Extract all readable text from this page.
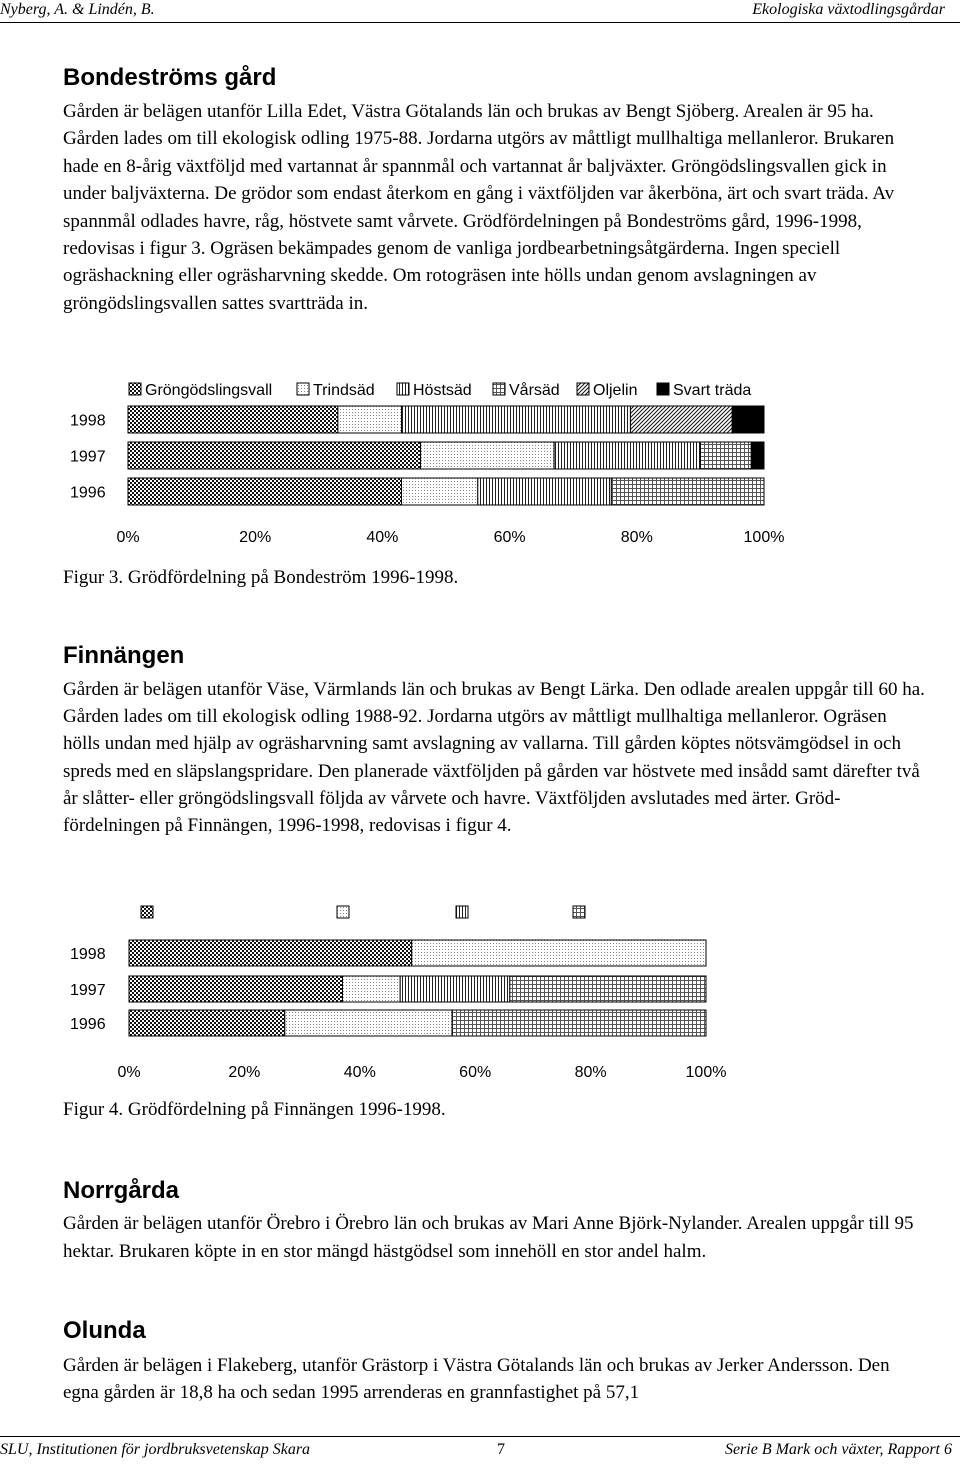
Nyberg, A. & Lindén, B.	Ekologiska växtodlingsgårdar
Bondeströms gård

Gården är belägen utanför Lilla Edet, Västra Götalands län och brukas av Bengt Sjöberg. Arealen är 95 ha. Gården lades om till ekologisk odling 1975-88. Jordarna utgörs av måttligt mullhaltiga mellanleror. Brukaren hade en 8-årig växtföljd med vartannat år spannmål och vartannat år baljväxter. Gröngödslingsvallen gick in under baljväxterna. De grödor som endast återkom en gång i växtföljden var åkerböna, ärt och svart träda. Av spannmål odlades havre, råg, höstvete samt vårvete. Grödfördelningen på Bondeströms gård, 1996-1998, redovisas i figur 3. Ogräsen bekämpades genom de vanliga jordbearbetningsåtgärderna. Ingen speciell ogräshackning eller ogräsharvning skedde. Om rotogräsen inte hölls undan genom avslagningen av gröngödslingsvallen sattes svartträda in.

Gröngödslingsvall	Trindsäd Höstsäd Vårsäd Oljelin Svart träda
1998
1997
1996
0%	20%	40%	60%	80%	100%
Figur 3. Grödfördelning på Bondeström 1996-1998.
Finnängen

Gården är belägen utanför Väse, Värmlands län och brukas av Bengt Lärka. Den odlade arealen uppgår till 60 ha. Gården lades om till ekologisk odling 1988-92. Jordarna utgörs av måttligt mullhaltiga mellanleror. Ogräsen hölls undan med hjälp av ogräsharvning samt avslagning av vallarna. Till gården köptes nötsvämgödsel in och spreds med en släpslangspridare. Den planerade växtföljden på gården var höstvete med insådd samt därefter två år slåtter- eller gröngödslingsvall följda av vårvete och havre. Växtföljden avslutades med ärter. Gröd-fördelningen på Finnängen, 1996-1998, redovisas i figur 4.

1998
1997
1996
0%	20%	40%	60%	80%	100%
Figur 4. Grödfördelning på Finnängen 1996-1998.
Norrgårda

Gården är belägen utanför Örebro i Örebro län och brukas av Mari Anne Björk-Nylander. Arealen uppgår till 95 hektar. Brukaren köpte in en stor mängd hästgödsel som innehöll en stor andel halm.

Olunda

Gården är belägen i Flakeberg, utanför Grästorp i Västra Götalands län och brukas av Jerker Andersson. Den egna gården är 18,8 ha och sedan 1995 arrenderas en grannfastighet på 57,1

SLU, Institutionen för jordbruksvetenskap Skara	7	Serie B Mark och växter, Rapport 6
